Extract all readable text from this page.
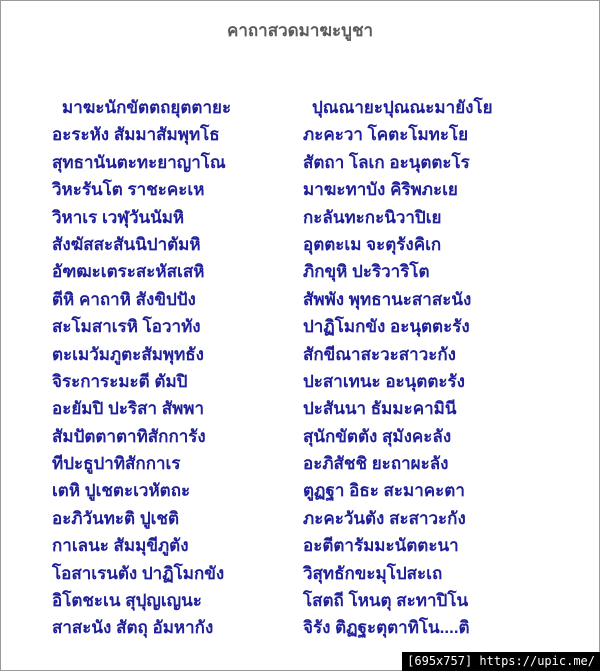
คาถาสวดมาฆะบูชา
มาฆะนักขัตตถยุตตายะ
อะระหัง สัมมาสัมพุทโธ
สุทธานันตะทะยาญาโณ
วิหะรันโต ราชะคะเห
วิหาเร เวฬุวันนัมหิ
สังฆัสสะสันนิปาตัมหิ
อัฑฒะเตระสะหัสเสหิ
ตีหิ คาถาหิ สังขิปปัง
สะโมสาเรหิ โอวาทัง
ตะเมวัมภูตะสัมพุทธัง
จิระการะมะตี ตัมปิ
อะยัมปิ ปะริสา สัพพา
สัมปัตตาตาทิสักการัง
ทีปะธูปาทิสักกาเร
เตหิ ปูเชตะเวหัตถะ
อะภิวันทะติ ปูเชติ
กาเลนะ สัมมุขีภูตัง
โอสาเรนตัง ปาฏิโมกขัง
อิโตชะเน สุปุญเญนะ
สาสะนัง สัตถุ อัมหากัง
ปุณณายะปุณณะมายังโย
ภะคะวา โคตะโมทะโย
สัตถา โลเก อะนุตตะโร
มาฆะทาบัง คิริพภะเย
กะลันทะกะนิวาปิเย
อุตตะเม จะตุรังคิเก
ภิกขุหิ ปะริวาริโต
สัพพัง พุทธานะสาสะนัง
ปาฏิโมกขัง อะนุตตะรัง
สักขีณาสะวะสาวะกัง
ปะสาเทนะ อะนุตตะรัง
ปะสันนา ธัมมะคามินี
สุนักขัตตัง สุมังคะลัง
อะภิสัชชิ ยะถาผะลัง
ตูฏฐา อิธะ สะมาคะตา
ภะคะวันตัง สะสาวะกัง
อะตีตารัมมะนัตตะนา
วิสุทธักขะมุโปสะเถ
โสตถี โหนตุ สะทาปิโน
จิรัง ติฏฐะตุตาทิโน....ติ
[695x757] https://upic.me/
